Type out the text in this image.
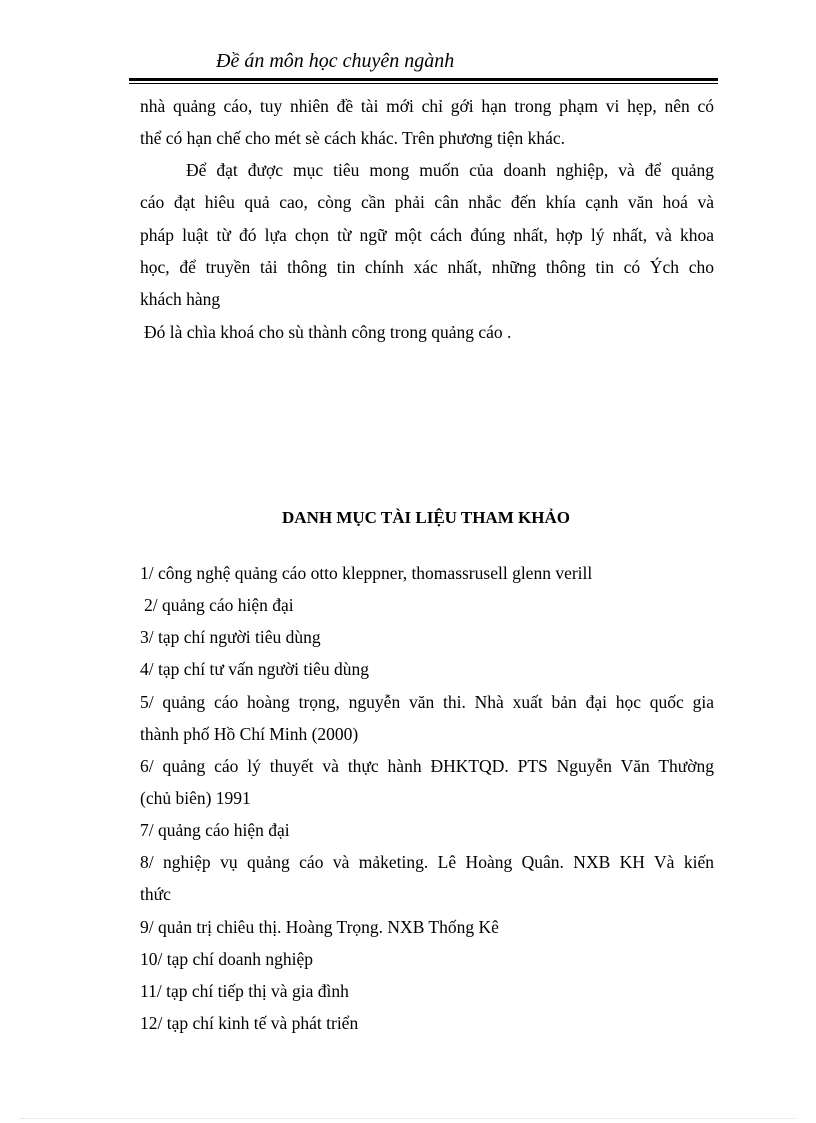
Đề án môn học chuyên ngành
nhà quảng cáo, tuy nhiên đề tài mới chỉ gới hạn trong phạm vi hẹp, nên có
thể có hạn chế cho mét sè cách khác. Trên phương tiện khác.
Để đạt được mục tiêu mong muốn của doanh nghiệp, và để quảng
cáo đạt hiêu quả cao, còng cần phải cân nhắc đến khía cạnh văn hoá và
pháp luật từ đó lựa chọn từ ngữ một cách đúng nhất, hợp lý nhất, và khoa
học, để truyền tải thông tin chính xác nhất, những thông tin có Ých cho
khách hàng
Đó là chìa khoá cho sù thành công trong quảng cáo .
DANH MỤC TÀI LIỆU THAM KHẢO
1/ công nghệ quảng cáo otto kleppner, thomassrusell glenn verill
2/ quảng cáo hiện đại
3/ tạp chí người tiêu dùng
4/ tạp chí tư vấn người tiêu dùng
5/ quảng cáo hoàng trọng, nguyễn văn thi. Nhà xuất bản đại học quốc gia
thành phố Hồ Chí Minh (2000)
6/ quảng cáo lý thuyết và thực hành ĐHKTQD. PTS Nguyễn Văn Thường
(chủ biên) 1991
7/ quảng cáo hiện đại
8/ nghiệp vụ quảng cáo và mảketing. Lê Hoàng Quân. NXB KH Và kiến
thức
9/ quản trị chiêu thị. Hoàng Trọng. NXB Thống Kê
10/ tạp chí doanh nghiệp
11/ tạp chí tiếp thị và gia đình
12/ tạp chí kinh tế và phát triển
